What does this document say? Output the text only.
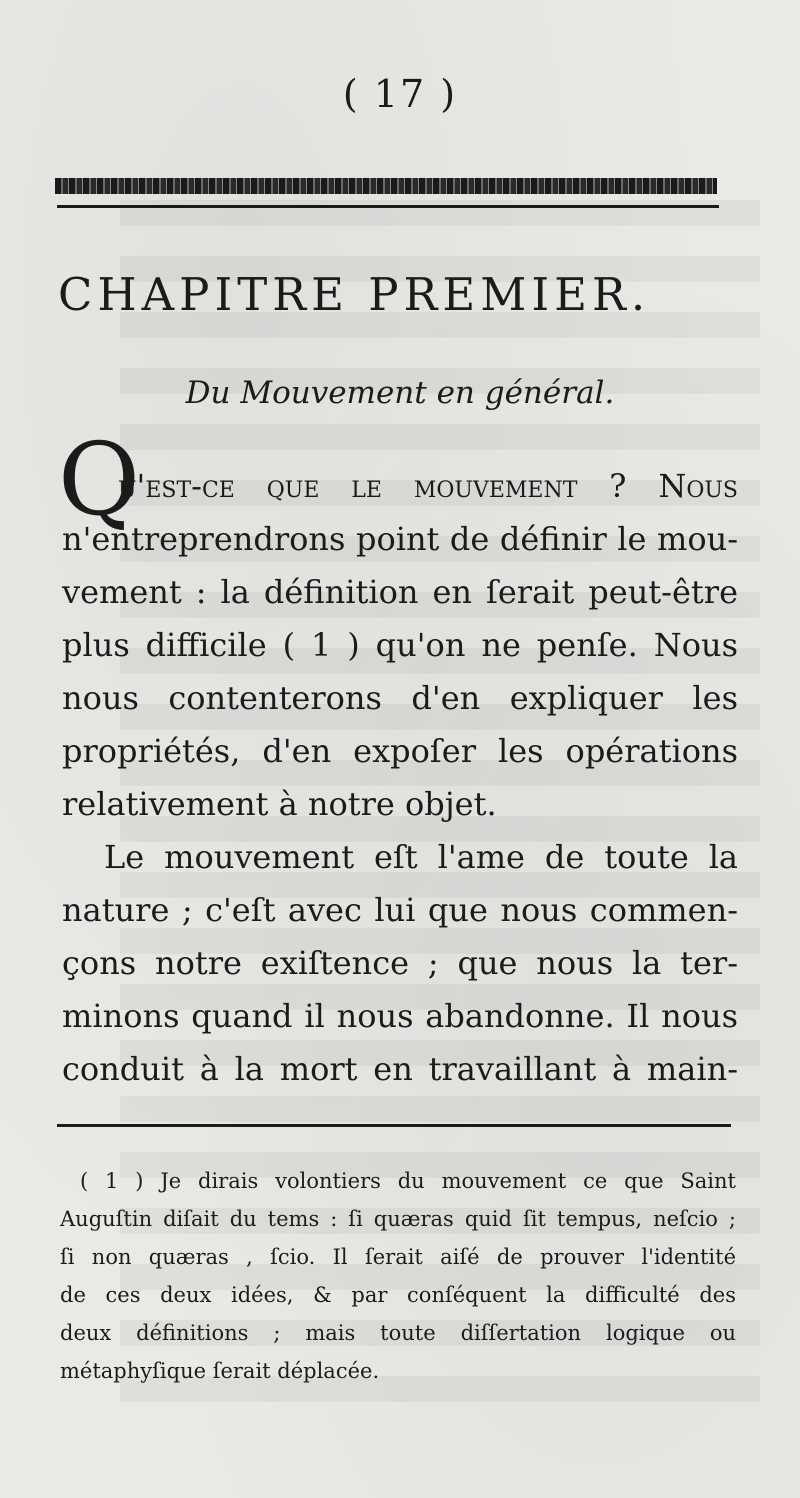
( 17 )
CHAPITRE PREMIER.
Du Mouvement en général.
Q
u'est-ce que le mouvement ? Nous
n'entreprendrons point de définir le mou-
vement : la définition en ſerait peut-être
plus difficile ( 1 ) qu'on ne penſe. Nous
nous contenterons d'en expliquer les
propriétés, d'en expoſer les opérations
relativement à notre objet.
Le mouvement eſt l'ame de toute la
nature ; c'eſt avec lui que nous commen-
çons notre exiſtence ; que nous la ter-
minons quand il nous abandonne. Il nous
conduit à la mort en travaillant à main-
( 1 ) Je dirais volontiers du mouvement ce que Saint
Auguſtin diſait du tems : ſi quæras quid ſit tempus, neſcio ;
ſi non quæras , ſcio. Il ſerait aiſé de prouver l'identité
de ces deux idées, & par conſéquent la difficulté des
deux définitions ; mais toute diſſertation logique ou
métaphyſique ſerait déplacée.
